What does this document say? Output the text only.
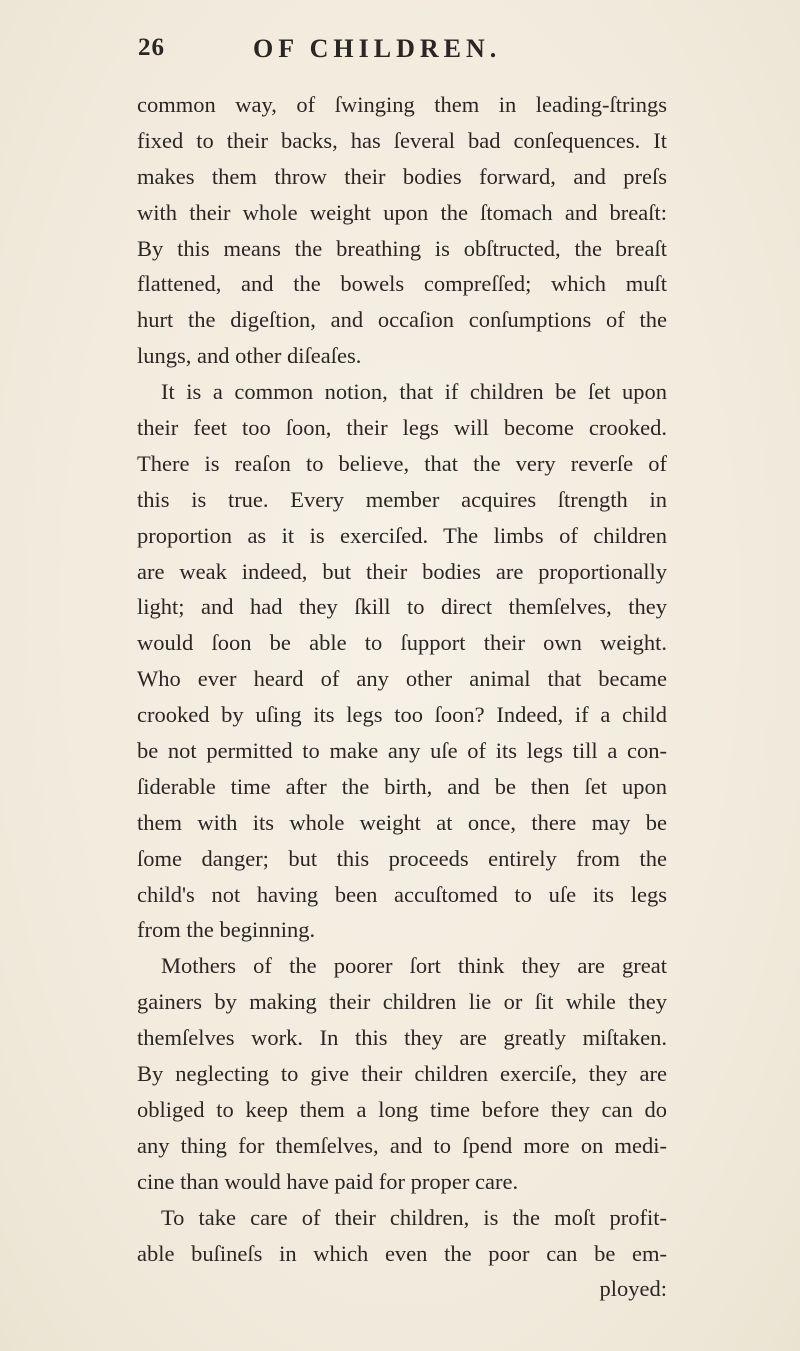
26	OF CHILDREN.
common way, of ſwinging them in leading-ſtrings
fixed to their backs, has ſeveral bad conſequences. It
makes them throw their bodies forward, and preſs
with their whole weight upon the ſtomach and breaſt:
By this means the breathing is obſtructed, the breaſt
flattened, and the bowels compreſſed; which muſt
hurt the digeſtion, and occaſion conſumptions of the
lungs, and other diſeaſes.
It is a common notion, that if children be ſet upon
their feet too ſoon, their legs will become crooked.
There is reaſon to believe, that the very reverſe of
this is true. Every member acquires ſtrength in
proportion as it is exerciſed. The limbs of children
are weak indeed, but their bodies are proportionally
light; and had they ſkill to direct themſelves, they
would ſoon be able to ſupport their own weight.
Who ever heard of any other animal that became
crooked by uſing its legs too ſoon? Indeed, if a child
be not permitted to make any uſe of its legs till a con-
ſiderable time after the birth, and be then ſet upon
them with its whole weight at once, there may be
ſome danger; but this proceeds entirely from the
child's not having been accuſtomed to uſe its legs
from the beginning.
Mothers of the poorer ſort think they are great
gainers by making their children lie or ſit while they
themſelves work. In this they are greatly miſtaken.
By neglecting to give their children exerciſe, they are
obliged to keep them a long time before they can do
any thing for themſelves, and to ſpend more on medi-
cine than would have paid for proper care.
To take care of their children, is the moſt profit-
able buſineſs in which even the poor can be em-
ployed:
